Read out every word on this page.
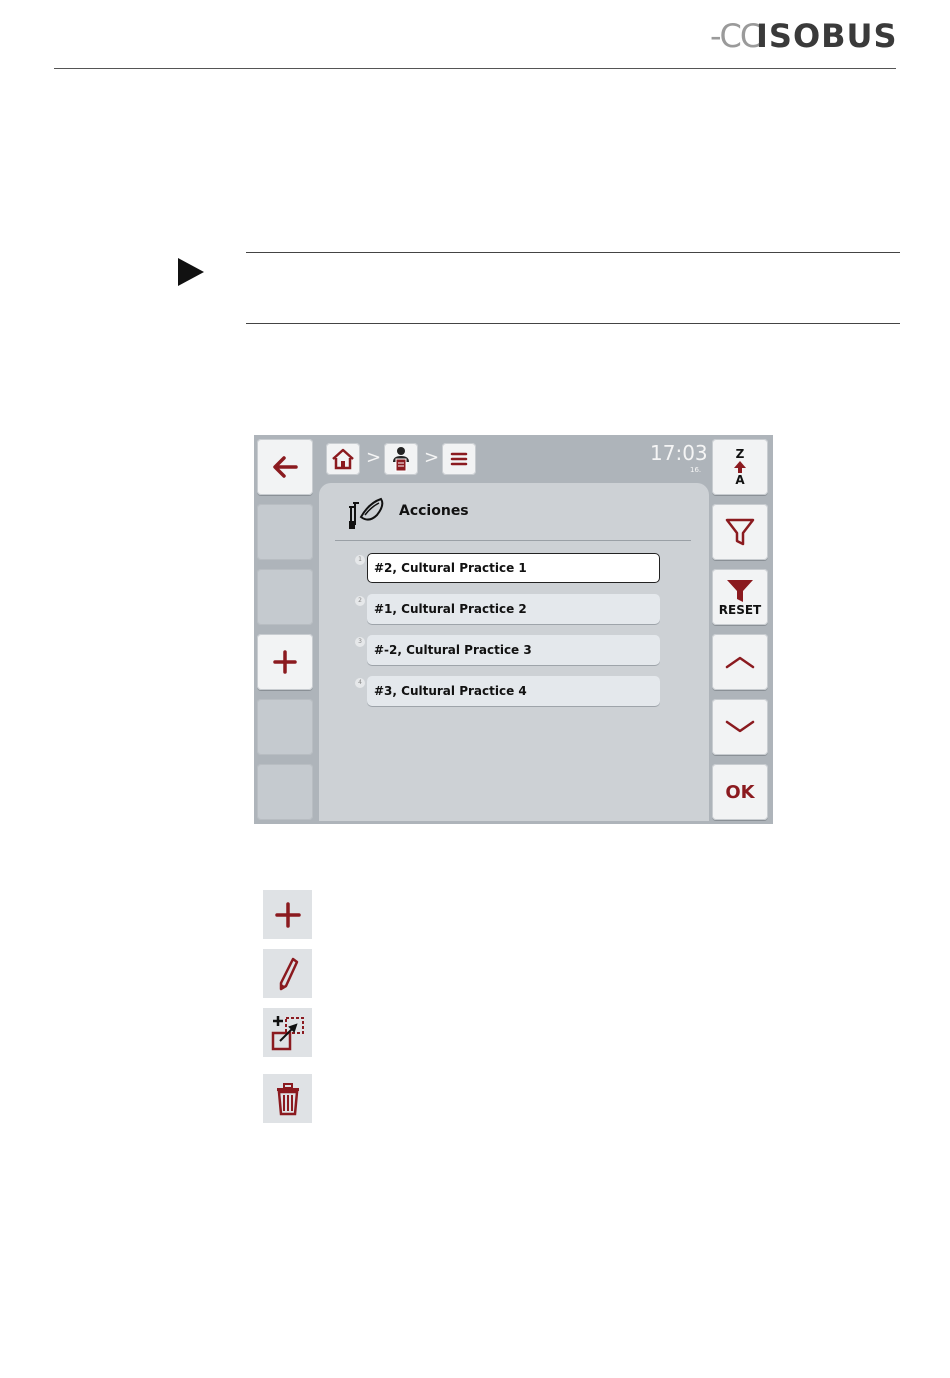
-CC
ISOBUS
> >	17:03
16.
Acciones
1
#2, Cultural Practice 1
2
#1, Cultural Practice 2
3
#-2, Cultural Practice 3
4
#3, Cultural Practice 4
Z
A
RESET
OK
